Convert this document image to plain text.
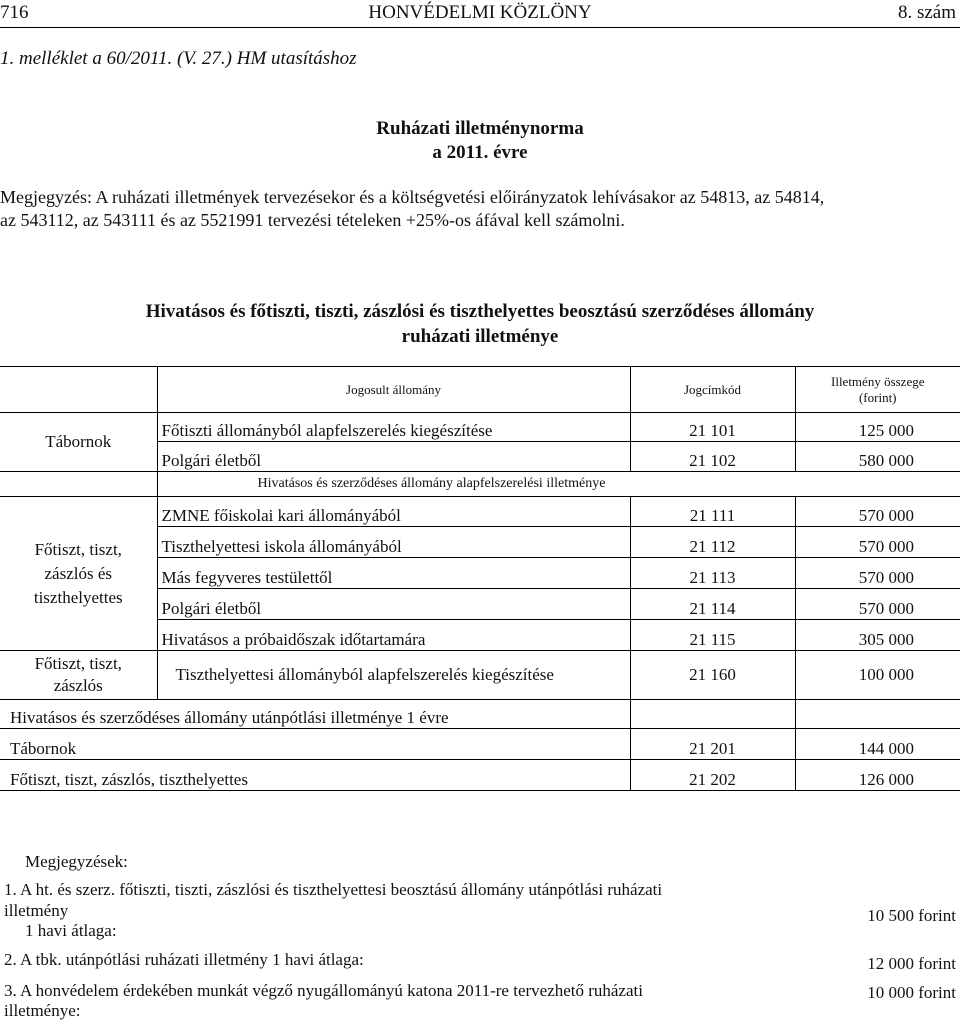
716	HONVÉDELMI KÖZLÖNY	8. szám
1. melléklet a 60/2011. (V. 27.) HM utasításhoz
Ruházati illetménynorma
a 2011. évre
Megjegyzés: A ruházati illetmények tervezésekor és a költségvetési előirányzatok lehívásakor az 54813, az 54814,
az 543112, az 543111 és az 5521991 tervezési tételeken +25%-os áfával kell számolni.
Hivatásos és főtiszti, tiszti, zászlósi és tiszthelyettes beosztású szerződéses állomány
ruházati illetménye
	Jogosult állomány	Jogcímkód	Illetmény összege
(forint)
Tábornok	Főtiszti állományból alapfelszerelés kiegészítése	21 101	125 000
	Polgári életből	21 102	580 000
	Hivatásos és szerződéses állomány alapfelszerelési illetménye		
Főtiszt, tiszt,
zászlós és
tiszthelyettes	ZMNE főiskolai kari állományából	21 111	570 000
	Tiszthelyettesi iskola állományából	21 112	570 000
	Más fegyveres testülettől	21 113	570 000
	Polgári életből	21 114	570 000
	Hivatásos a próbaidőszak időtartamára	21 115	305 000
Főtiszt, tiszt,
zászlós	Tiszthelyettesi állományból alapfelszerelés kiegészítése	21 160	100 000
Hivatásos és szerződéses állomány utánpótlási illetménye 1 évre			
Tábornok		21 201	144 000
Főtiszt, tiszt, zászlós, tiszthelyettes		21 202	126 000
Megjegyzések:
1. A ht. és szerz. főtiszti, tiszti, zászlósi és tiszthelyettesi beosztású állomány utánpótlási ruházati
illetmény
1 havi átlaga:
10 500 forint
2. A tbk. utánpótlási ruházati illetmény 1 havi átlaga:	12 000 forint
3. A honvédelem érdekében munkát végző nyugállományú katona 2011-re tervezhető ruházati
illetménye:
10 000 forint
